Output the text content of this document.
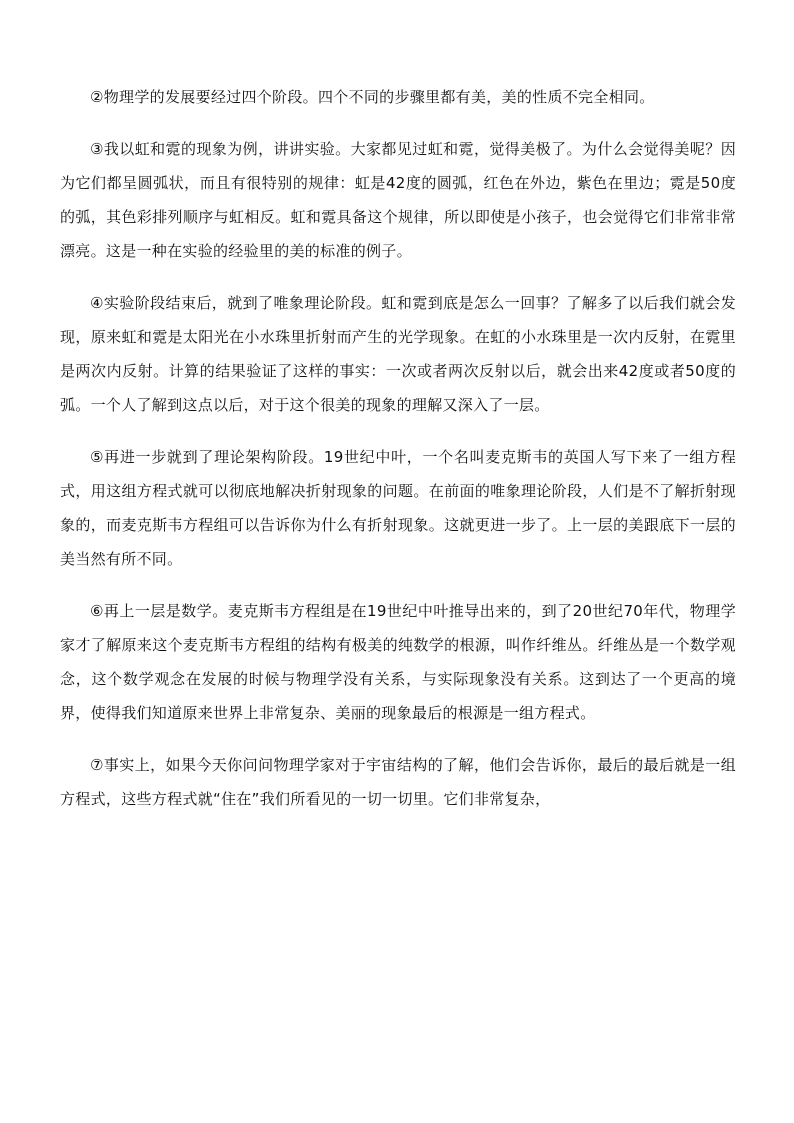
②物理学的发展要经过四个阶段。四个不同的步骤里都有美，美的性质不完全相同。

③我以虹和霓的现象为例，讲讲实验。大家都见过虹和霓，觉得美极了。为什么会觉得美呢？因为它们都呈圆弧状，而且有很特别的规律：虹是42度的圆弧，红色在外边，紫色在里边；霓是50度的弧，其色彩排列顺序与虹相反。虹和霓具备这个规律，所以即使是小孩子，也会觉得它们非常非常漂亮。这是一种在实验的经验里的美的标准的例子。

④实验阶段结束后，就到了唯象理论阶段。虹和霓到底是怎么一回事？了解多了以后我们就会发现，原来虹和霓是太阳光在小水珠里折射而产生的光学现象。在虹的小水珠里是一次内反射，在霓里是两次内反射。计算的结果验证了这样的事实：一次或者两次反射以后，就会出来42度或者50度的弧。一个人了解到这点以后，对于这个很美的现象的理解又深入了一层。

⑤再进一步就到了理论架构阶段。19世纪中叶，一个名叫麦克斯韦的英国人写下来了一组方程式，用这组方程式就可以彻底地解决折射现象的问题。在前面的唯象理论阶段，人们是不了解折射现象的，而麦克斯韦方程组可以告诉你为什么有折射现象。这就更进一步了。上一层的美跟底下一层的美当然有所不同。

⑥再上一层是数学。麦克斯韦方程组是在19世纪中叶推导出来的，到了20世纪70年代，物理学家才了解原来这个麦克斯韦方程组的结构有极美的纯数学的根源，叫作纤维丛。纤维丛是一个数学观念，这个数学观念在发展的时候与物理学没有关系，与实际现象没有关系。这到达了一个更高的境界，使得我们知道原来世界上非常复杂、美丽的现象最后的根源是一组方程式。

⑦事实上，如果今天你问问物理学家对于宇宙结构的了解，他们会告诉你，最后的最后就是一组方程式，这些方程式就“住在”我们所看见的一切一切里。它们非常复杂，
